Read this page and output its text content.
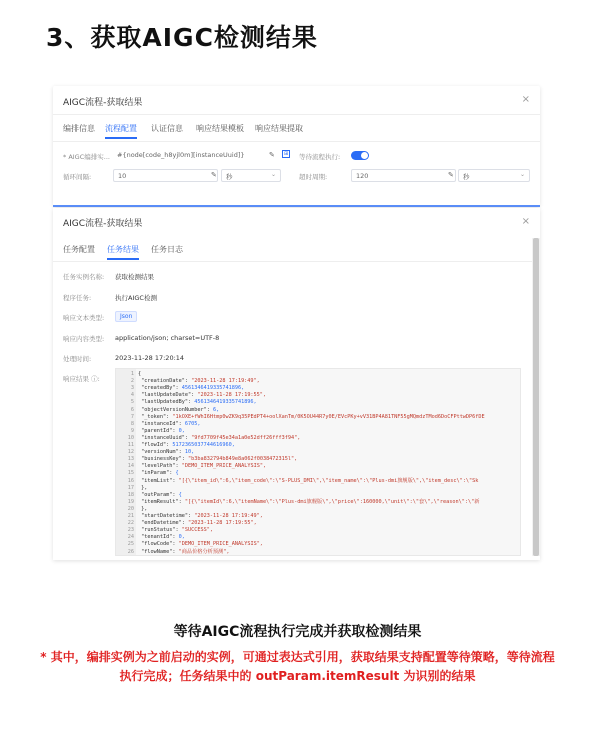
3、获取AIGC检测结果
AIGC流程-获取结果	×
编排信息 流程配置 认证信息 响应结果模板 响应结果提取
* AIGC编排实...	#{node[code_h8yjl0m][instanceUuid]}	✎	⊞	等待流程执行:
循环间隔:	10	✎	秒	⌄	超时周期:	120	✎	秒	⌄
AIGC流程-获取结果	×
任务配置 任务结果 任务日志
任务实例名称: 获取检测结果
程序任务:	执行AIGC检测
响应文本类型:	Json
响应内容类型: application/json; charset=UTF-8
处理时间:	2023-11-28 17:20:14
响应结果 ⓘ:
1 {
2 "creationDate": "2023-11-28 17:19:49",
3 "createdBy": 4561346419335741896,
4 "lastUpdateDate": "2023-11-28 17:19:55",
5 "lastUpdatedBy": 4561346419335741896,
6 "objectVersionNumber": 6,
7 "_token": "1kOXE+fWhI6Htmp0wZK9q35PEdPT4+oolXanTm/0K5OU44R7y0E/EVcPKy+vV31BP4A81TNF55gMQmdzTMod6DoCFPttwDP6fDE
8 "instanceId": 6705,
9 "parentId": 0,
10 "instanceUuid": "9fd7709f45e34a1a0e52dff26fff3f94",
11 "flowId": 5172365037744616960,
12 "versionNum": 10,
13 "businessKey": "b3ba832794b849e8a062f0038472315l",
14 "levelPath": "DEMO_ITEM_PRICE_ANALYSIS",
15 "inParam": {
16 "itemList": "[{\"item_id\":6,\"item_code\":\"S-PLUS_DMI\",\"item_name\":\"Plus-dmi旗舰版\",\"item_desc\":\"Sk
17 },
18 "outParam": {
19 "itemResult": "[{\"itemId\":6,\"itemName\":\"Plus-dmi旗舰版\",\"price\":160000,\"unit\":\"套\",\"reason\":\"新
20 },
21 "startDatetime": "2023-11-28 17:19:49",
22 "endDatetime": "2023-11-28 17:19:55",
23 "runStatus": "SUCCESS",
24 "tenantId": 0,
25 "flowCode": "DEMO_ITEM_PRICE_ANALYSIS",
26 "flowName": "商品价格分析预测",
等待AIGC流程执行完成并获取检测结果
* 其中，编排实例为之前启动的实例，可通过表达式引用，获取结果支持配置等待策略，等待流程执行完成；任务结果中的 outParam.itemResult 为识别的结果
